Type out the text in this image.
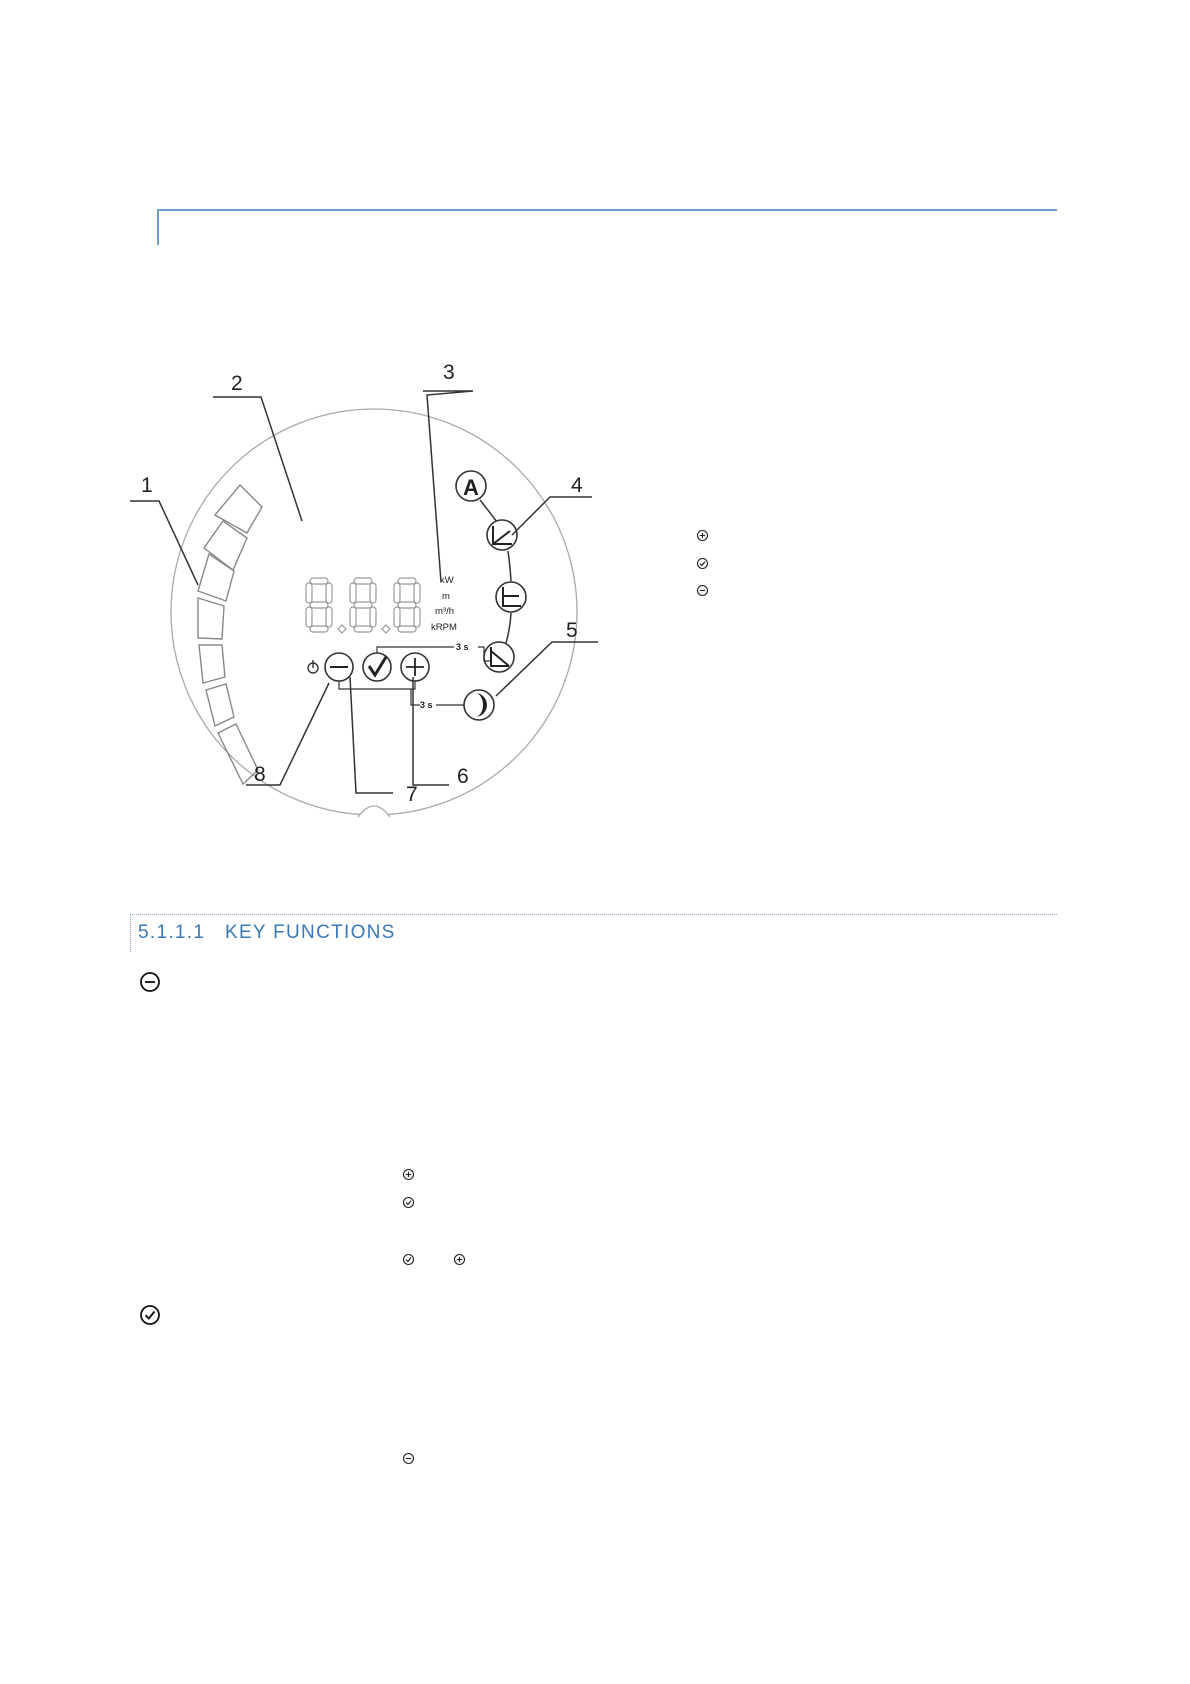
kW
m
m³/h
kRPM
A
3 s
3 s
1
2	3
4
5
6
7
8
5.1.1.1 KEY FUNCTIONS
